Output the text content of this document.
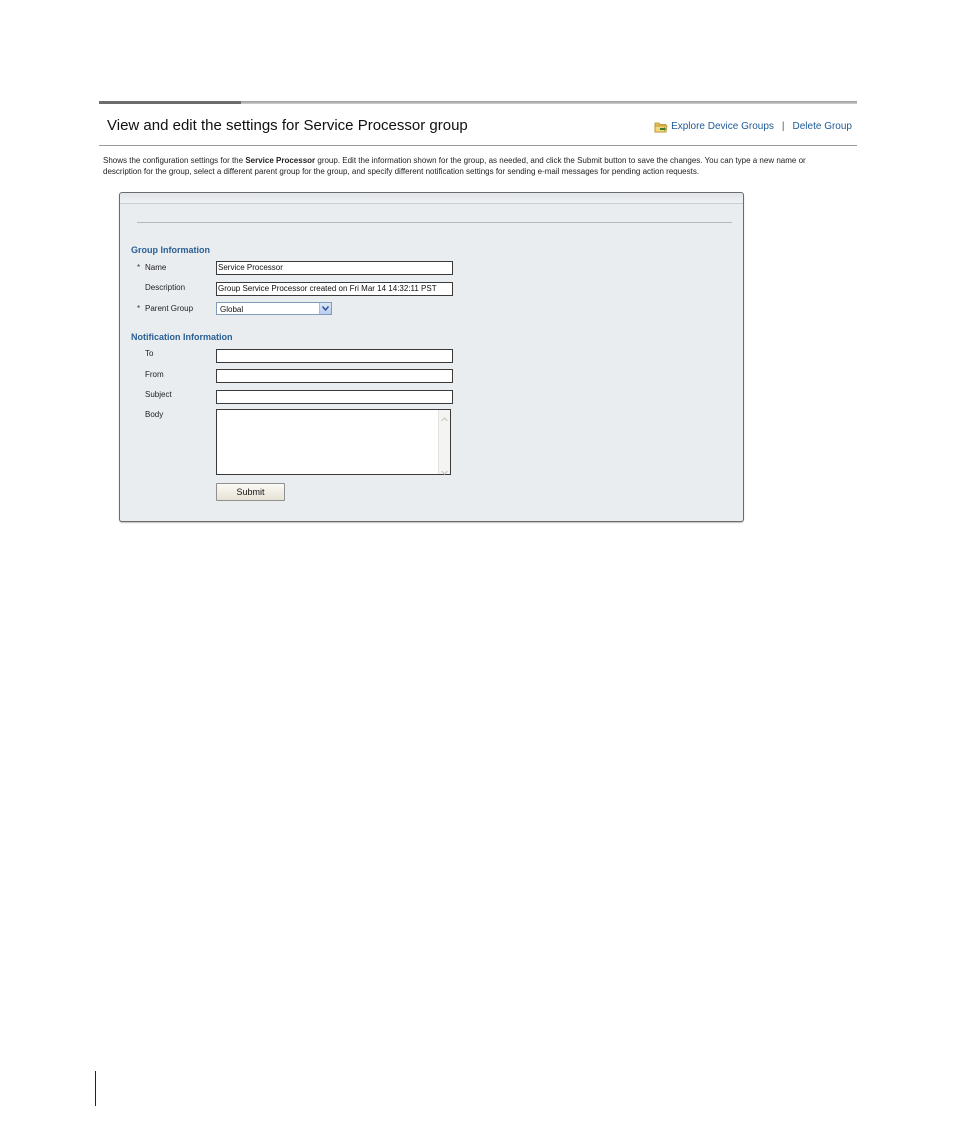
View and edit the settings for Service Processor group	Explore Device Groups | Delete Group
Shows the configuration settings for the Service Processor group. Edit the information shown for the group, as needed, and click the Submit button to save the changes. You can type a new name or description for the group, select a different parent group for the group, and specify different notification settings for sending e-mail messages for pending action requests.
Group Information
* Name	Service Processor
Description	Group Service Processor created on Fri Mar 14 14:32:11 PST
* Parent Group	Global
Notification Information
To
From
Subject
Body
Submit
